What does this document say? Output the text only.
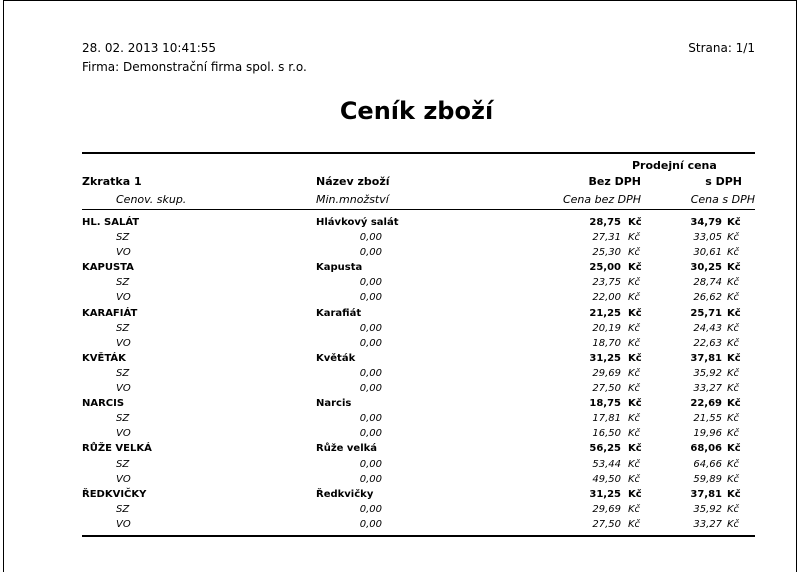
28. 02. 2013 10:41:55
Firma: Demonstrační firma spol. s r.o.
Strana: 1/1
Ceník zboží
Prodejní cena
Zkratka 1	Název zboží	Bez DPH	s DPH
Cenov. skup.	Min.množství	Cena bez DPH	Cena s DPH
HL. SALÁT	Hlávkový salát	28,75 Kč	34,79 Kč
SZ	0,00	27,31 Kč	33,05 Kč
VO	0,00	25,30 Kč	30,61 Kč
KAPUSTA	Kapusta	25,00 Kč	30,25 Kč
SZ	0,00	23,75 Kč	28,74 Kč
VO	0,00	22,00 Kč	26,62 Kč
KARAFIÁT	Karafiát	21,25 Kč	25,71 Kč
SZ	0,00	20,19 Kč	24,43 Kč
VO	0,00	18,70 Kč	22,63 Kč
KVĚTÁK	Květák	31,25 Kč	37,81 Kč
SZ	0,00	29,69 Kč	35,92 Kč
VO	0,00	27,50 Kč	33,27 Kč
NARCIS	Narcis	18,75 Kč	22,69 Kč
SZ	0,00	17,81 Kč	21,55 Kč
VO	0,00	16,50 Kč	19,96 Kč
RŮŽE VELKÁ	Růže velká	56,25 Kč	68,06 Kč
SZ	0,00	53,44 Kč	64,66 Kč
VO	0,00	49,50 Kč	59,89 Kč
ŘEDKVIČKY	Ředkvičky	31,25 Kč	37,81 Kč
SZ	0,00	29,69 Kč	35,92 Kč
VO	0,00	27,50 Kč	33,27 Kč
